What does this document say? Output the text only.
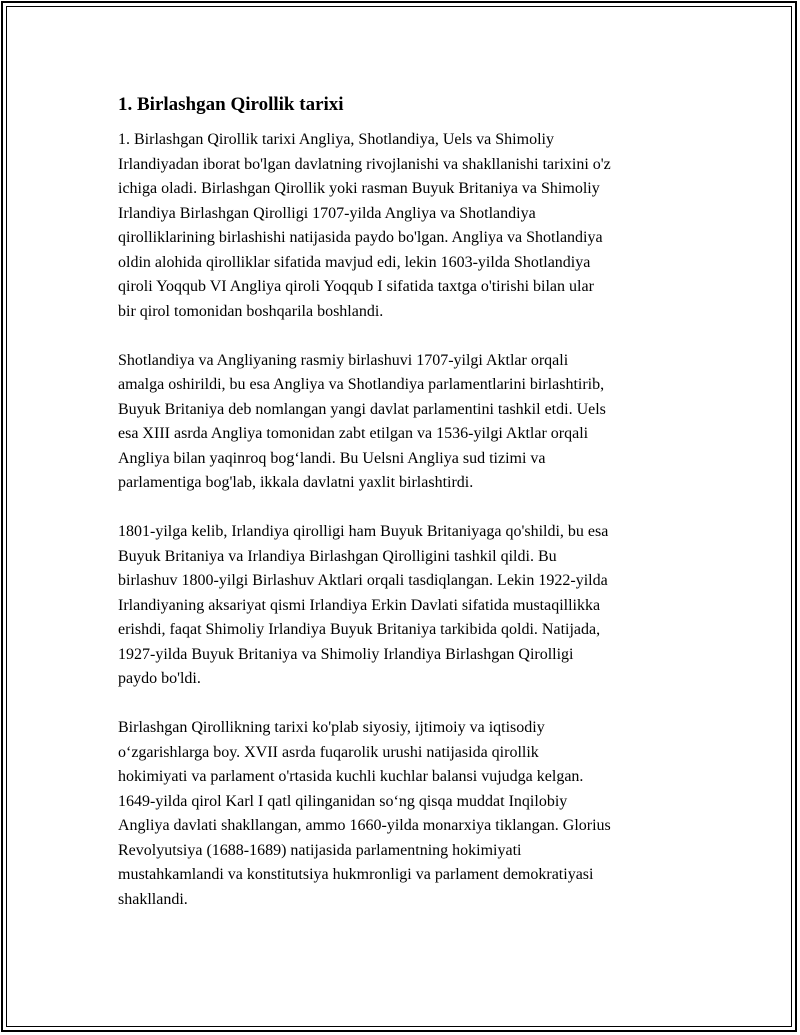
1. Birlashgan Qirollik tarixi
1. Birlashgan Qirollik tarixi Angliya, Shotlandiya, Uels va Shimoliy
Irlandiyadan iborat bo'lgan davlatning rivojlanishi va shakllanishi tarixini o'z
ichiga oladi. Birlashgan Qirollik yoki rasman Buyuk Britaniya va Shimoliy
Irlandiya Birlashgan Qirolligi 1707-yilda Angliya va Shotlandiya
qirolliklarining birlashishi natijasida paydo bo'lgan. Angliya va Shotlandiya
oldin alohida qirolliklar sifatida mavjud edi, lekin 1603-yilda Shotlandiya
qiroli Yoqqub VI Angliya qiroli Yoqqub I sifatida taxtga o'tirishi bilan ular
bir qirol tomonidan boshqarila boshlandi.
Shotlandiya va Angliyaning rasmiy birlashuvi 1707-yilgi Aktlar orqali
amalga oshirildi, bu esa Angliya va Shotlandiya parlamentlarini birlashtirib,
Buyuk Britaniya deb nomlangan yangi davlat parlamentini tashkil etdi. Uels
esa XIII asrda Angliya tomonidan zabt etilgan va 1536-yilgi Aktlar orqali
Angliya bilan yaqinroq bog‘landi. Bu Uelsni Angliya sud tizimi va
parlamentiga bog'lab, ikkala davlatni yaxlit birlashtirdi.
1801-yilga kelib, Irlandiya qirolligi ham Buyuk Britaniyaga qo'shildi, bu esa
Buyuk Britaniya va Irlandiya Birlashgan Qirolligini tashkil qildi. Bu
birlashuv 1800-yilgi Birlashuv Aktlari orqali tasdiqlangan. Lekin 1922-yilda
Irlandiyaning aksariyat qismi Irlandiya Erkin Davlati sifatida mustaqillikka
erishdi, faqat Shimoliy Irlandiya Buyuk Britaniya tarkibida qoldi. Natijada,
1927-yilda Buyuk Britaniya va Shimoliy Irlandiya Birlashgan Qirolligi
paydo bo'ldi.
Birlashgan Qirollikning tarixi ko'plab siyosiy, ijtimoiy va iqtisodiy
o‘zgarishlarga boy. XVII asrda fuqarolik urushi natijasida qirollik
hokimiyati va parlament o'rtasida kuchli kuchlar balansi vujudga kelgan.
1649-yilda qirol Karl I qatl qilinganidan so‘ng qisqa muddat Inqilobiy
Angliya davlati shakllangan, ammo 1660-yilda monarxiya tiklangan. Glorius
Revolyutsiya (1688-1689) natijasida parlamentning hokimiyati
mustahkamlandi va konstitutsiya hukmronligi va parlament demokratiyasi
shakllandi.
